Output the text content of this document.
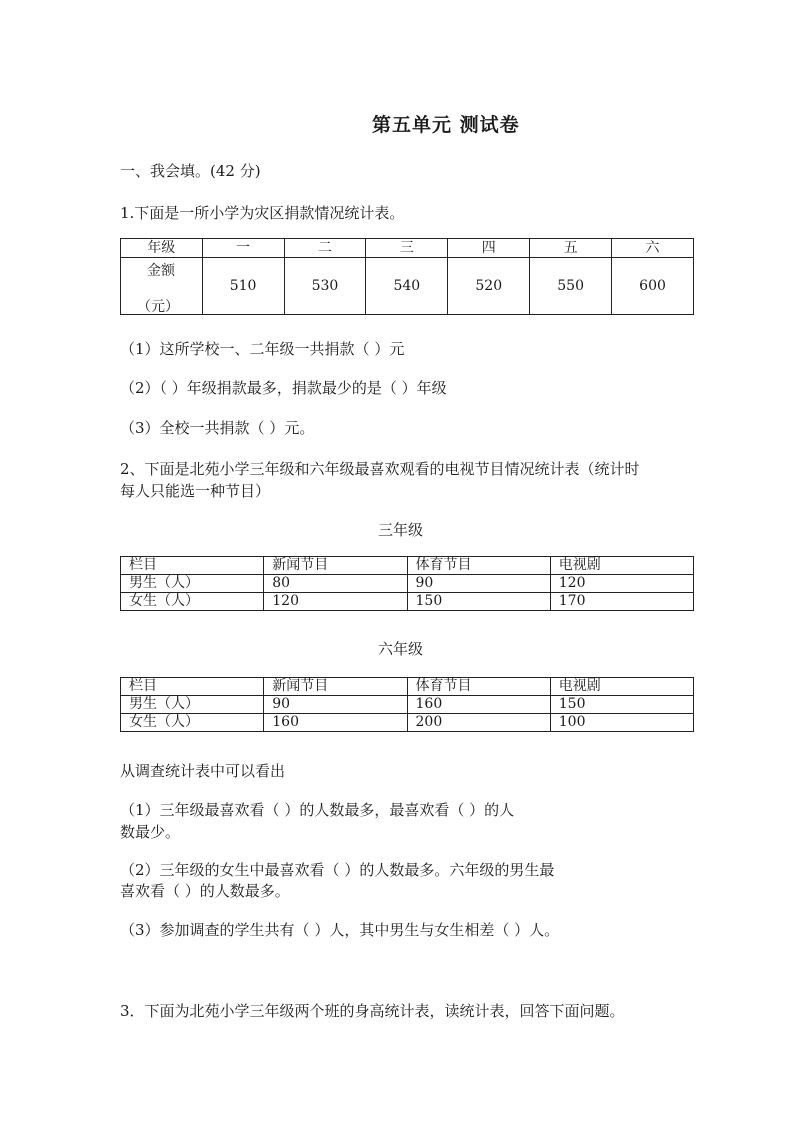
第五单元 测试卷
一、我会填。(42 分)
1.下面是一所小学为灾区捐款情况统计表。
年级	一	二	三	四	五	六

金额
（元）	510	530	540	520	550	600
（1）这所学校一、二年级一共捐款（ ）元
（2）（ ）年级捐款最多，捐款最少的是（ ）年级
（3）全校一共捐款（ ）元。
2、下面是北苑小学三年级和六年级最喜欢观看的电视节目情况统计表（统计时
每人只能选一种节目）
三年级
栏目	新闻节目	体育节目	电视剧
男生（人）	80	90	120
女生（人）	120	150	170
六年级
栏目	新闻节目	体育节目	电视剧
男生（人）	90	160	150
女生（人）	160	200	100
从调查统计表中可以看出
（1）三年级最喜欢看（ ）的人数最多，最喜欢看（ ）的人
数最少。
（2）三年级的女生中最喜欢看（ ）的人数最多。六年级的男生最
喜欢看（ ）的人数最多。
（3）参加调查的学生共有（ ）人，其中男生与女生相差（ ）人。
3．下面为北苑小学三年级两个班的身高统计表，读统计表，回答下面问题。
